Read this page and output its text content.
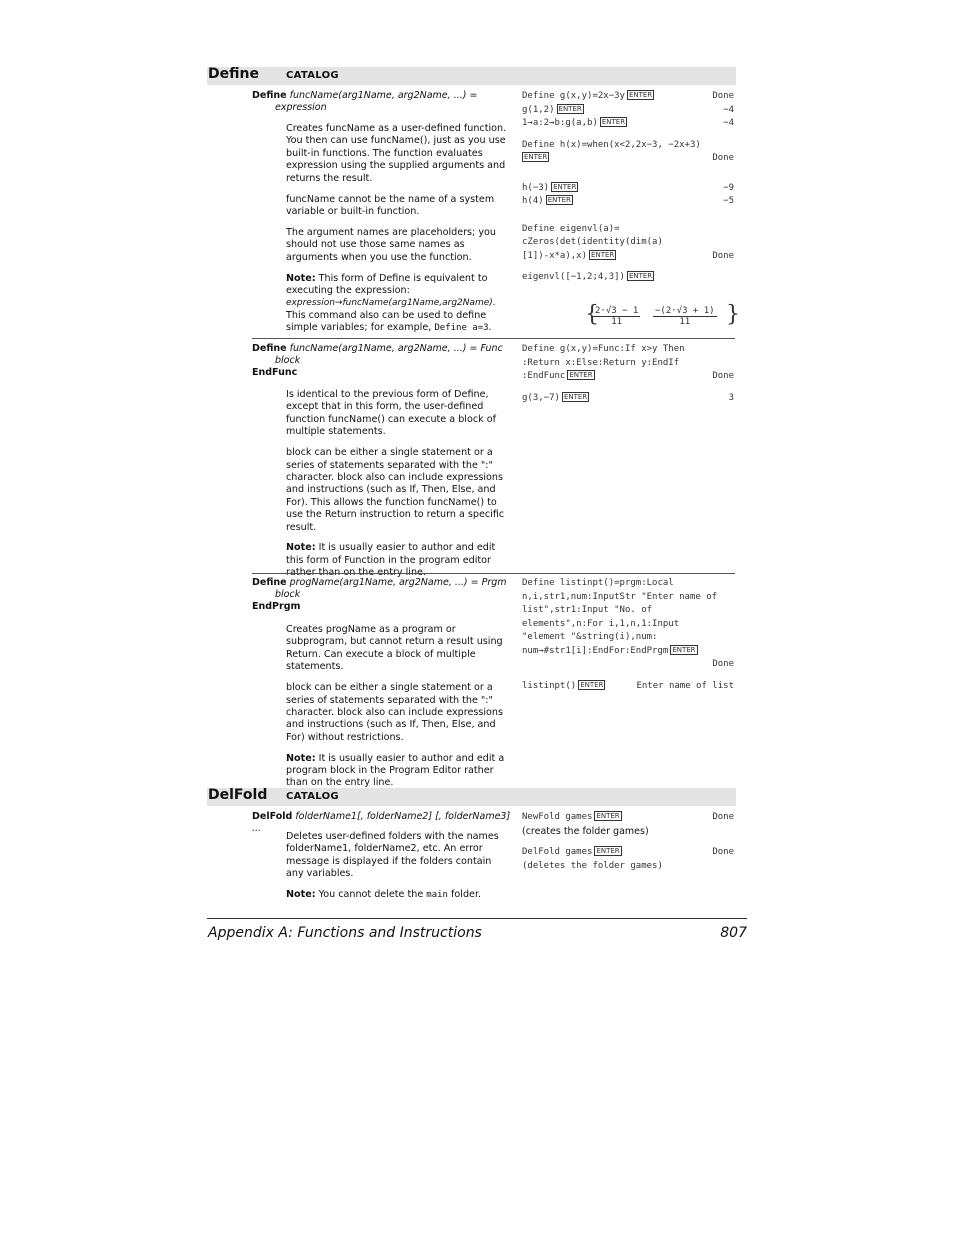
Define	CATALOG
Define funcName(arg1Name, arg2Name, ...) =
expression

Creates funcName as a user-defined function. You then can use funcName(), just as you use built-in functions. The function evaluates expression using the supplied arguments and returns the result.

funcName cannot be the name of a system variable or built-in function.

The argument names are placeholders; you should not use those same names as arguments when you use the function.

Note: This form of Define is equivalent to executing the expression:
expression→funcName(arg1Name,arg2Name).
This command also can be used to define simple variables; for example, Define a=3.

Define g(x,y)=2x−3y ENTER	Done
g(1,2) ENTER	−4
1→a:2→b:g(a,b) ENTER	−4
Define h(x)=when(x<2,2x−3, −2x+3)
ENTER	Done
h(−3) ENTER	−9
h(4) ENTER	−5
Define eigenvl(a)=
cZeros(det(identity(dim(a)
[1])-x*a),x) ENTER	Done
eigenvl([−1,2;4,3]) ENTER
{
$\frac{2\cdot√3 - 1}{11} \frac{-(2\cdot√3 + 1)}{11}$ }
Define funcName(arg1Name, arg2Name, ...) = Func
block
EndFunc

Is identical to the previous form of Define, except that in this form, the user-defined function funcName() can execute a block of multiple statements.

block can be either a single statement or a series of statements separated with the ":" character. block also can include expressions and instructions (such as If, Then, Else, and For). This allows the function funcName() to use the Return instruction to return a specific result.

Note: It is usually easier to author and edit this form of Function in the program editor rather than on the entry line.

Define g(x,y)=Func:If x>y Then
:Return x:Else:Return y:EndIf
:EndFunc ENTER	Done
g(3,−7) ENTER	3
Define progName(arg1Name, arg2Name, ...) = Prgm
block
EndPrgm

Creates progName as a program or subprogram, but cannot return a result using Return. Can execute a block of multiple statements.

block can be either a single statement or a series of statements separated with the ":" character. block also can include expressions and instructions (such as If, Then, Else, and For) without restrictions.

Note: It is usually easier to author and edit a program block in the Program Editor rather than on the entry line.

Define listinpt()=prgm:Local
n,i,str1,num:InputStr "Enter name of
list",str1:Input "No. of
elements",n:For i,1,n,1:Input
"element "&string(i),num:
num→#str1[i]:EndFor:EndPrgm ENTER
Done

listinpt() ENTER	Enter name of list
DelFold CATALOG
DelFold folderName1[, folderName2] [, folderName3] ...

Deletes user-defined folders with the names folderName1, folderName2, etc. An error message is displayed if the folders contain any variables.

Note: You cannot delete the main folder.

NewFold games ENTER	Done
(creates the folder games)
DelFold games ENTER	Done
(deletes the folder games)
Appendix A: Functions and Instructions	807
